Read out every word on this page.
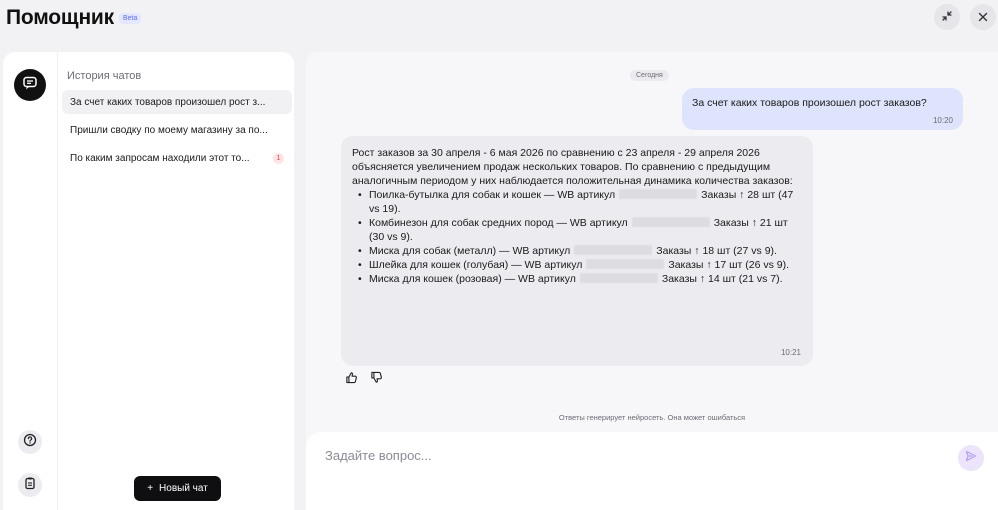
Помощник	Beta
История чатов
За счет каких товаров произошел рост з...
Пришли сводку по моему магазину за по...
По каким запросам находили этот то...	1
+ Новый чат
Сегодня
За счет каких товаров произошел рост заказов?
10:20
Рост заказов за 30 апреля - 6 мая 2026 по сравнению с 23 апреля - 29 апреля 2026 объясняется увеличением продаж нескольких товаров. По сравнению с предыдущим аналогичным периодом у них наблюдается положительная динамика количества заказов:
• Поилка-бутылка для собак и кошек — WB артикул	Заказы ↑ 28 шт (47 vs 19).
• Комбинезон для собак средних пород — WB артикул	Заказы ↑ 21 шт (30 vs 9).
• Миска для собак (металл) — WB артикул	Заказы ↑ 18 шт (27 vs 9).
• Шлейка для кошек (голубая) — WB артикул	Заказы ↑ 17 шт (26 vs 9).
• Миска для кошек (розовая) — WB артикул	Заказы ↑ 14 шт (21 vs 7).
10:21
Ответы генерирует нейросеть. Она может ошибаться
Задайте вопрос...
